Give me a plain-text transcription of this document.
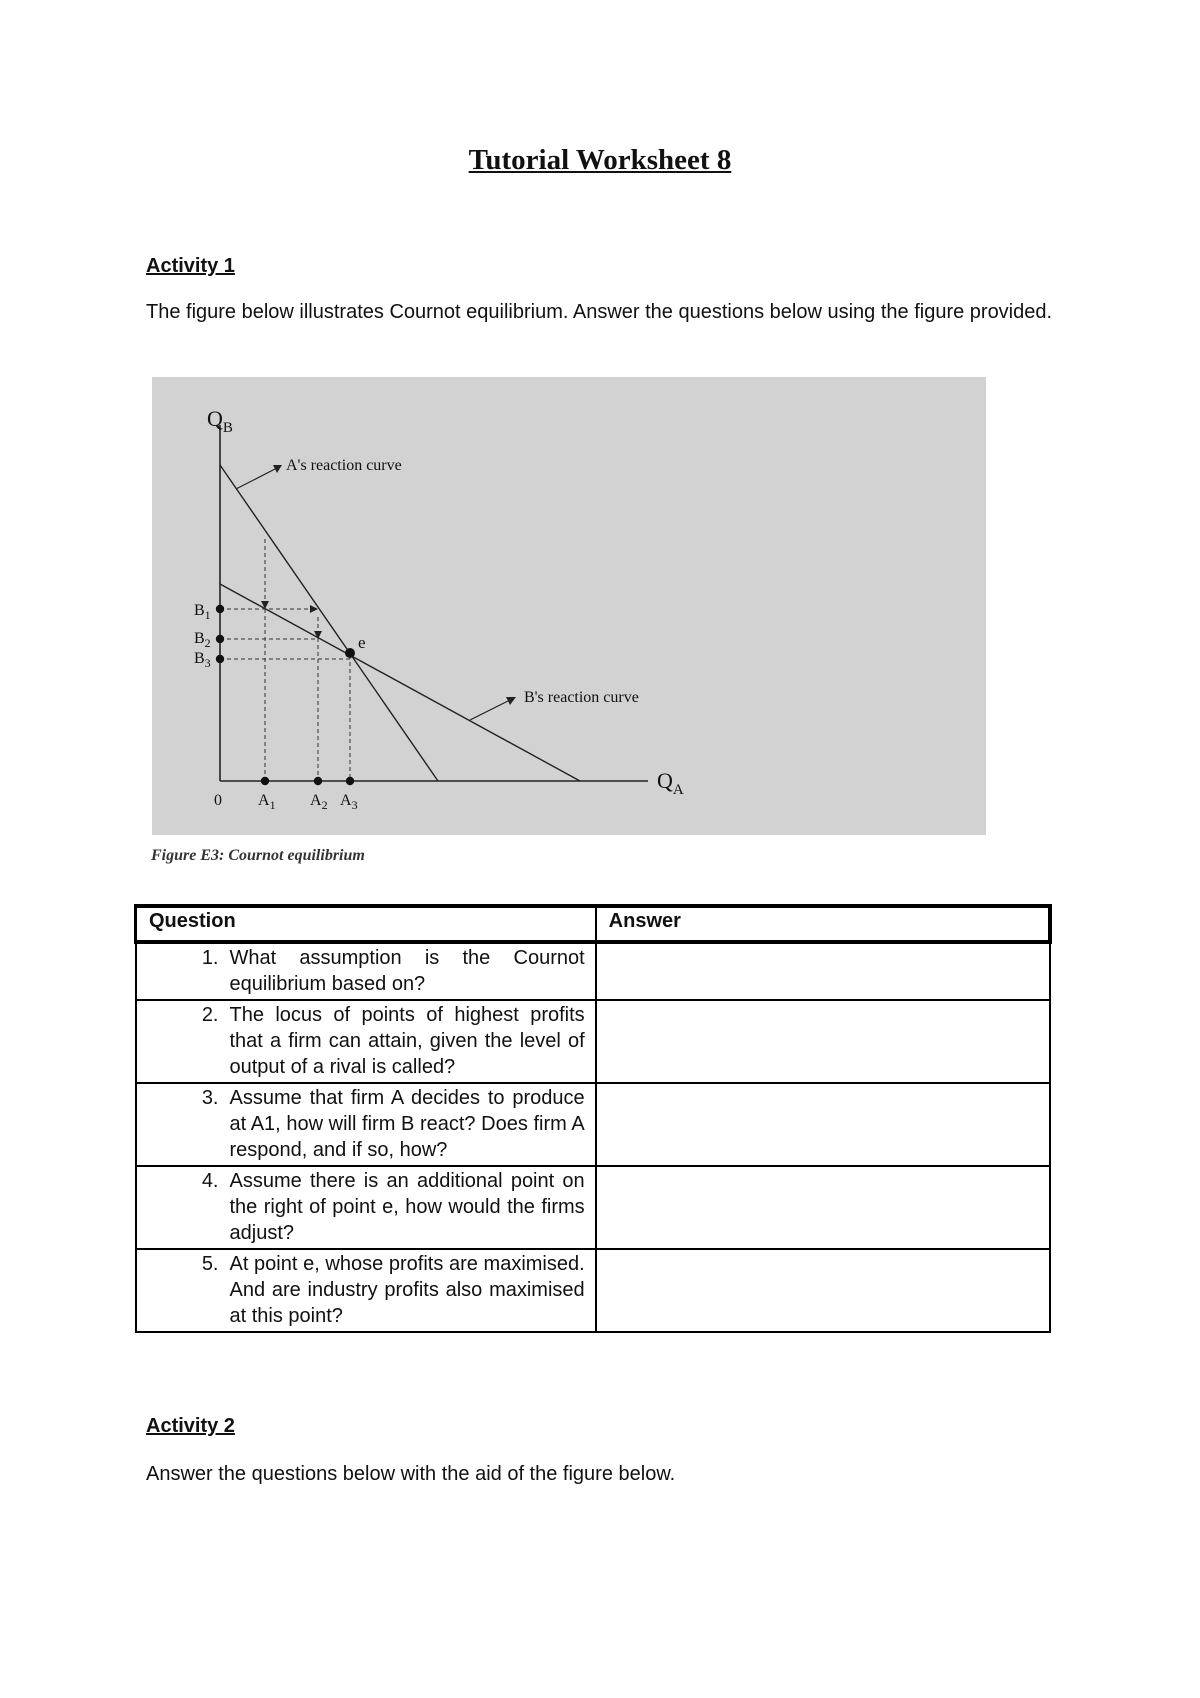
Tutorial Worksheet 8
Activity 1
The figure below illustrates Cournot equilibrium. Answer the questions below using the figure provided.
e
A's reaction curve
B's reaction curve
$Q_B$
$Q_A$
0
$B_1$
$B_2$
$B_3$
$A_1$ $A_2$ $A_3$
Figure E3: Cournot equilibrium
Question	Answer

1. What assumption is the Cournot equilibrium based on?	

2. The locus of points of highest profits that a firm can attain, given the level of output of a rival is called?	

3. Assume that firm A decides to produce at A1, how will firm B react? Does firm A respond, and if so, how?	

4. Assume there is an additional point on the right of point e, how would the firms adjust?	

5. At point e, whose profits are maximised. And are industry profits also maximised at this point?	

Activity 2
Answer the questions below with the aid of the figure below.
